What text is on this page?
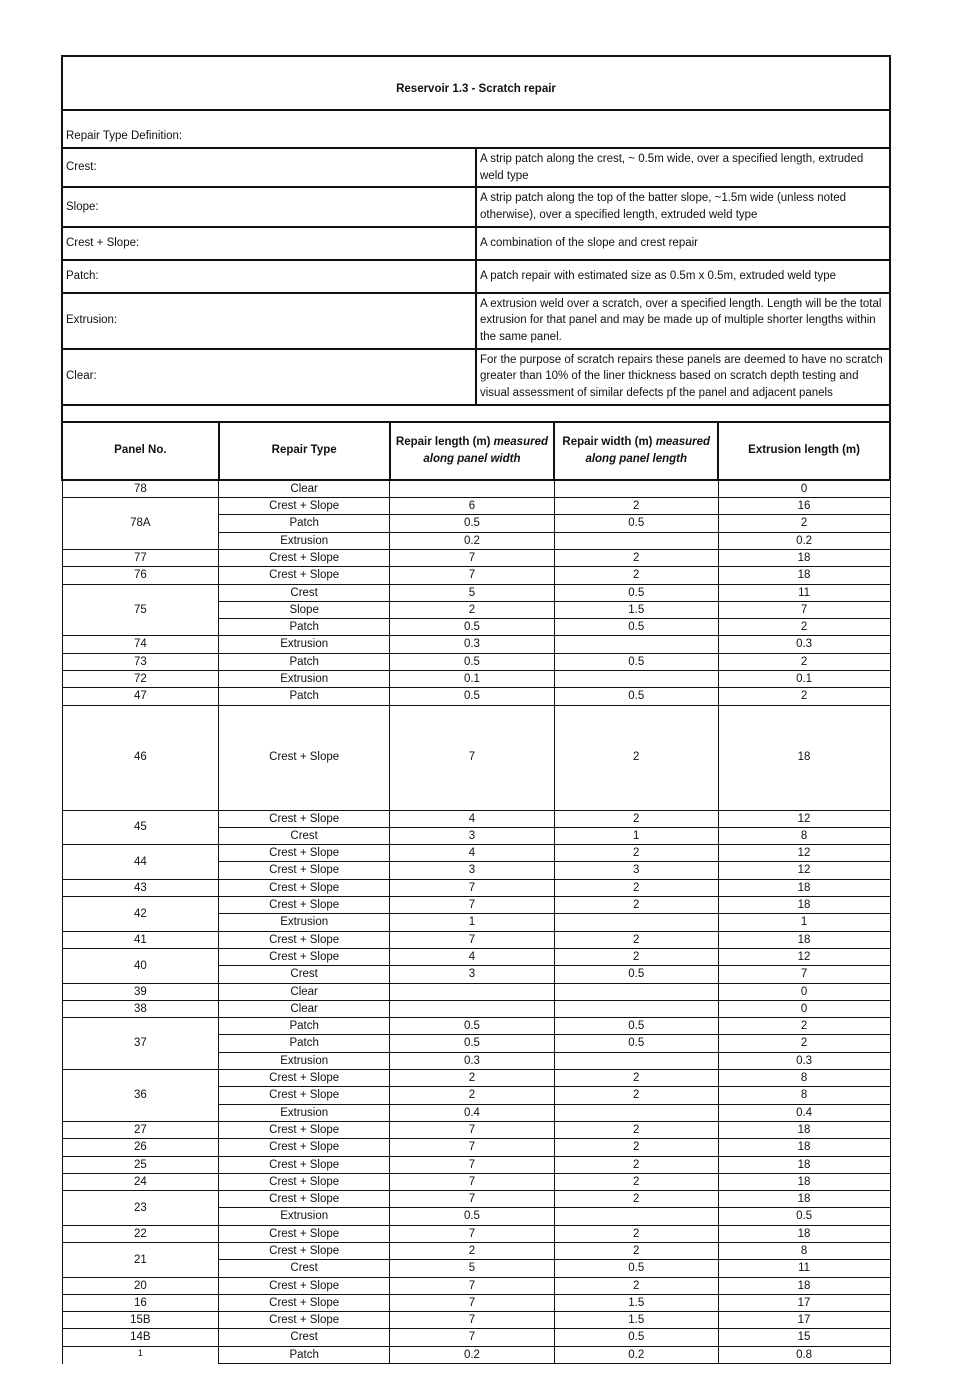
Reservoir 1.3 - Scratch repair	
Repair Type Definition:	
Crest:	A strip patch along the crest, ~ 0.5m wide, over a specified length, extruded weld type
Slope:	A strip patch along the top of the batter slope, ~1.5m wide (unless noted otherwise), over a specified length, extruded weld type
Crest + Slope:	A combination of the slope and crest repair
Patch:	A patch repair with estimated size as 0.5m x 0.5m, extruded weld type
Extrusion:	A extrusion weld over a scratch, over a specified length. Length will be the total extrusion for that panel and may be made up of multiple shorter lengths within the same panel.
Clear:	For the purpose of scratch repairs these panels are deemed to have no scratch greater than 10% of the liner thickness based on scratch depth testing and visual assessment of similar defects pf the panel and adjacent panels

Panel No.	Repair Type	Repair length (m) measured along panel width	Repair width (m) measured along panel length	Extrusion length (m)
78	Clear			0
78A	Crest + Slope	6	2	16
	Patch	0.5	0.5	2
	Extrusion	0.2		0.2
77	Crest + Slope	7	2	18
76	Crest + Slope	7	2	18
75	Crest	5	0.5	11
	Slope	2	1.5	7
	Patch	0.5	0.5	2
74	Extrusion	0.3		0.3
73	Patch	0.5	0.5	2
72	Extrusion	0.1		0.1
47	Patch	0.5	0.5	2
46	Crest + Slope	7	2	18
45	Crest + Slope	4	2	12
	Crest	3	1	8
44	Crest + Slope	4	2	12
	Crest + Slope	3	3	12
43	Crest + Slope	7	2	18
42	Crest + Slope	7	2	18
	Extrusion	1		1
41	Crest + Slope	7	2	18
40	Crest + Slope	4	2	12
	Crest	3	0.5	7
39	Clear			0
38	Clear			0
37	Patch	0.5	0.5	2
	Patch	0.5	0.5	2
	Extrusion	0.3		0.3
36	Crest + Slope	2	2	8
	Crest + Slope	2	2	8
	Extrusion	0.4		0.4
27	Crest + Slope	7	2	18
26	Crest + Slope	7	2	18
25	Crest + Slope	7	2	18
24	Crest + Slope	7	2	18
23	Crest + Slope	7	2	18
	Extrusion	0.5		0.5
22	Crest + Slope	7	2	18
21	Crest + Slope	2	2	8
	Crest	5	0.5	11
20	Crest + Slope	7	2	18
16	Crest + Slope	7	1.5	17
15B	Crest + Slope	7	1.5	17
14B	Crest	7	0.5	15
1	Patch	0.2	0.2	0.8
